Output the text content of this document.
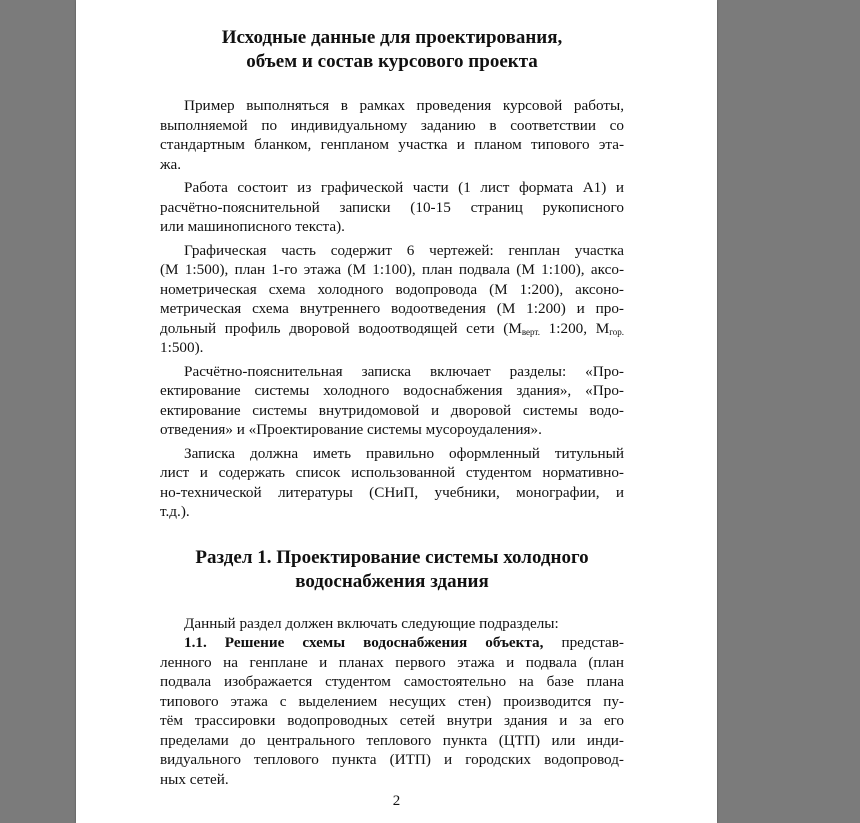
Исходные данные для проектирования,
объем и состав курсового проекта
Пример выполняться в рамках проведения курсовой работы,
выполняемой по индивидуальному заданию в соответствии со
стандартным бланком, генпланом участка и планом типового эта-
жа.
Работа состоит из графической части (1 лист формата А1) и
расчётно-пояснительной записки (10-15 страниц рукописного
или машинописного текста).
Графическая часть содержит 6 чертежей: генплан участка
(М 1:500), план 1-го этажа (М 1:100), план подвала (М 1:100), аксо-
нометрическая схема холодного водопровода (М 1:200), аксоно-
метрическая схема внутреннего водоотведения (М 1:200) и про-
дольный профиль дворовой водоотводящей сети ($М_{верт.}$ 1:200, $М_{гор.}$
1:500).
Расчётно-пояснительная записка включает разделы: «Про-
ектирование системы холодного водоснабжения здания», «Про-
ектирование системы внутридомовой и дворовой системы водо-
отведения» и «Проектирование системы мусороудаления».
Записка должна иметь правильно оформленный титульный
лист и содержать список использованной студентом нормативно-
но-технической литературы (СНиП, учебники, монографии, и
т.д.).
Раздел 1. Проектирование системы холодного
водоснабжения здания
Данный раздел должен включать следующие подразделы:
1.1. Решение схемы водоснабжения объекта, представ-
ленного на генплане и планах первого этажа и подвала (план
подвала изображается студентом самостоятельно на базе плана
типового этажа с выделением несущих стен) производится пу-
тём трассировки водопроводных сетей внутри здания и за его
пределами до центрального теплового пункта (ЦТП) или инди-
видуального теплового пункта (ИТП) и городских водопровод-
ных сетей.
2
